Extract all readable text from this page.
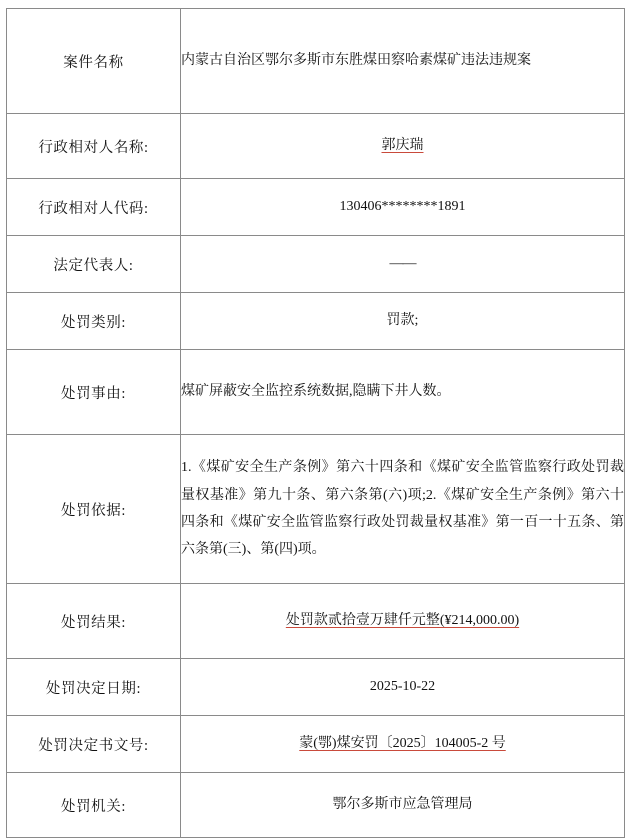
案件名称	内蒙古自治区鄂尔多斯市东胜煤田察哈素煤矿违法违规案
行政相对人名称:	郭庆瑞
行政相对人代码:	130406********1891
法定代表人:	——
处罚类别:	罚款;
处罚事由:	煤矿屏蔽安全监控系统数据,隐瞒下井人数。
处罚依据:	1.《煤矿安全生产条例》第六十四条和《煤矿安全监管监察行政处罚裁量权基准》第九十条、第六条第(六)项;2.《煤矿安全生产条例》第六十四条和《煤矿安全监管监察行政处罚裁量权基准》第一百一十五条、第六条第(三)、第(四)项。
处罚结果:	处罚款贰拾壹万肆仟元整(¥214,000.00)
处罚决定日期:	2025-10-22
处罚决定书文号:	蒙(鄂)煤安罚〔2025〕104005-2 号
处罚机关:	鄂尔多斯市应急管理局
